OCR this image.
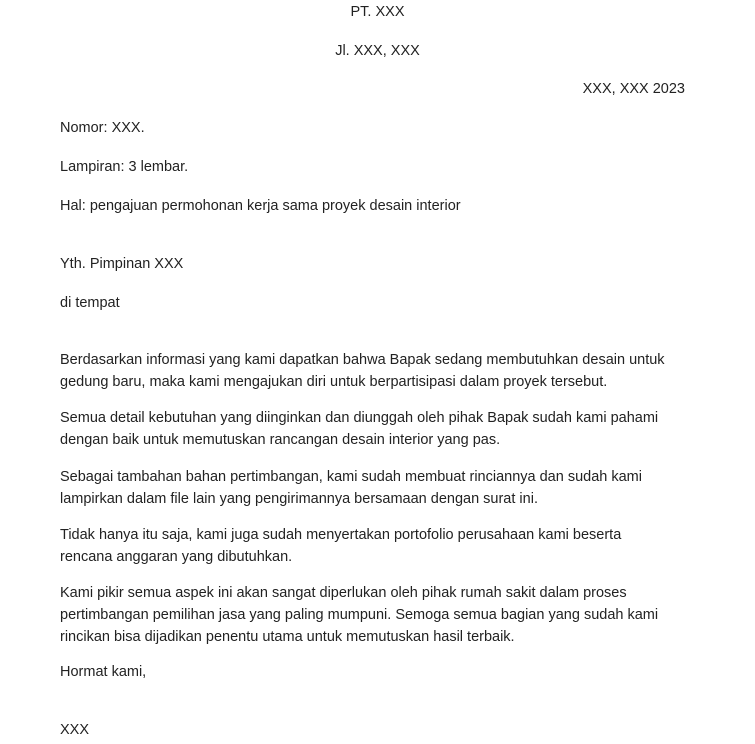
PT. XXX
Jl. XXX, XXX
XXX, XXX 2023
Nomor: XXX.
Lampiran: 3 lembar.
Hal: pengajuan permohonan kerja sama proyek desain interior
Yth. Pimpinan XXX
di tempat
Berdasarkan informasi yang kami dapatkan bahwa Bapak sedang membutuhkan desain untuk
gedung baru, maka kami mengajukan diri untuk berpartisipasi dalam proyek tersebut.
Semua detail kebutuhan yang diinginkan dan diunggah oleh pihak Bapak sudah kami pahami
dengan baik untuk memutuskan rancangan desain interior yang pas.
Sebagai tambahan bahan pertimbangan, kami sudah membuat rinciannya dan sudah kami
lampirkan dalam file lain yang pengirimannya bersamaan dengan surat ini.
Tidak hanya itu saja, kami juga sudah menyertakan portofolio perusahaan kami beserta
rencana anggaran yang dibutuhkan.
Kami pikir semua aspek ini akan sangat diperlukan oleh pihak rumah sakit dalam proses
pertimbangan pemilihan jasa yang paling mumpuni. Semoga semua bagian yang sudah kami
rincikan bisa dijadikan penentu utama untuk memutuskan hasil terbaik.
Hormat kami,
XXX
